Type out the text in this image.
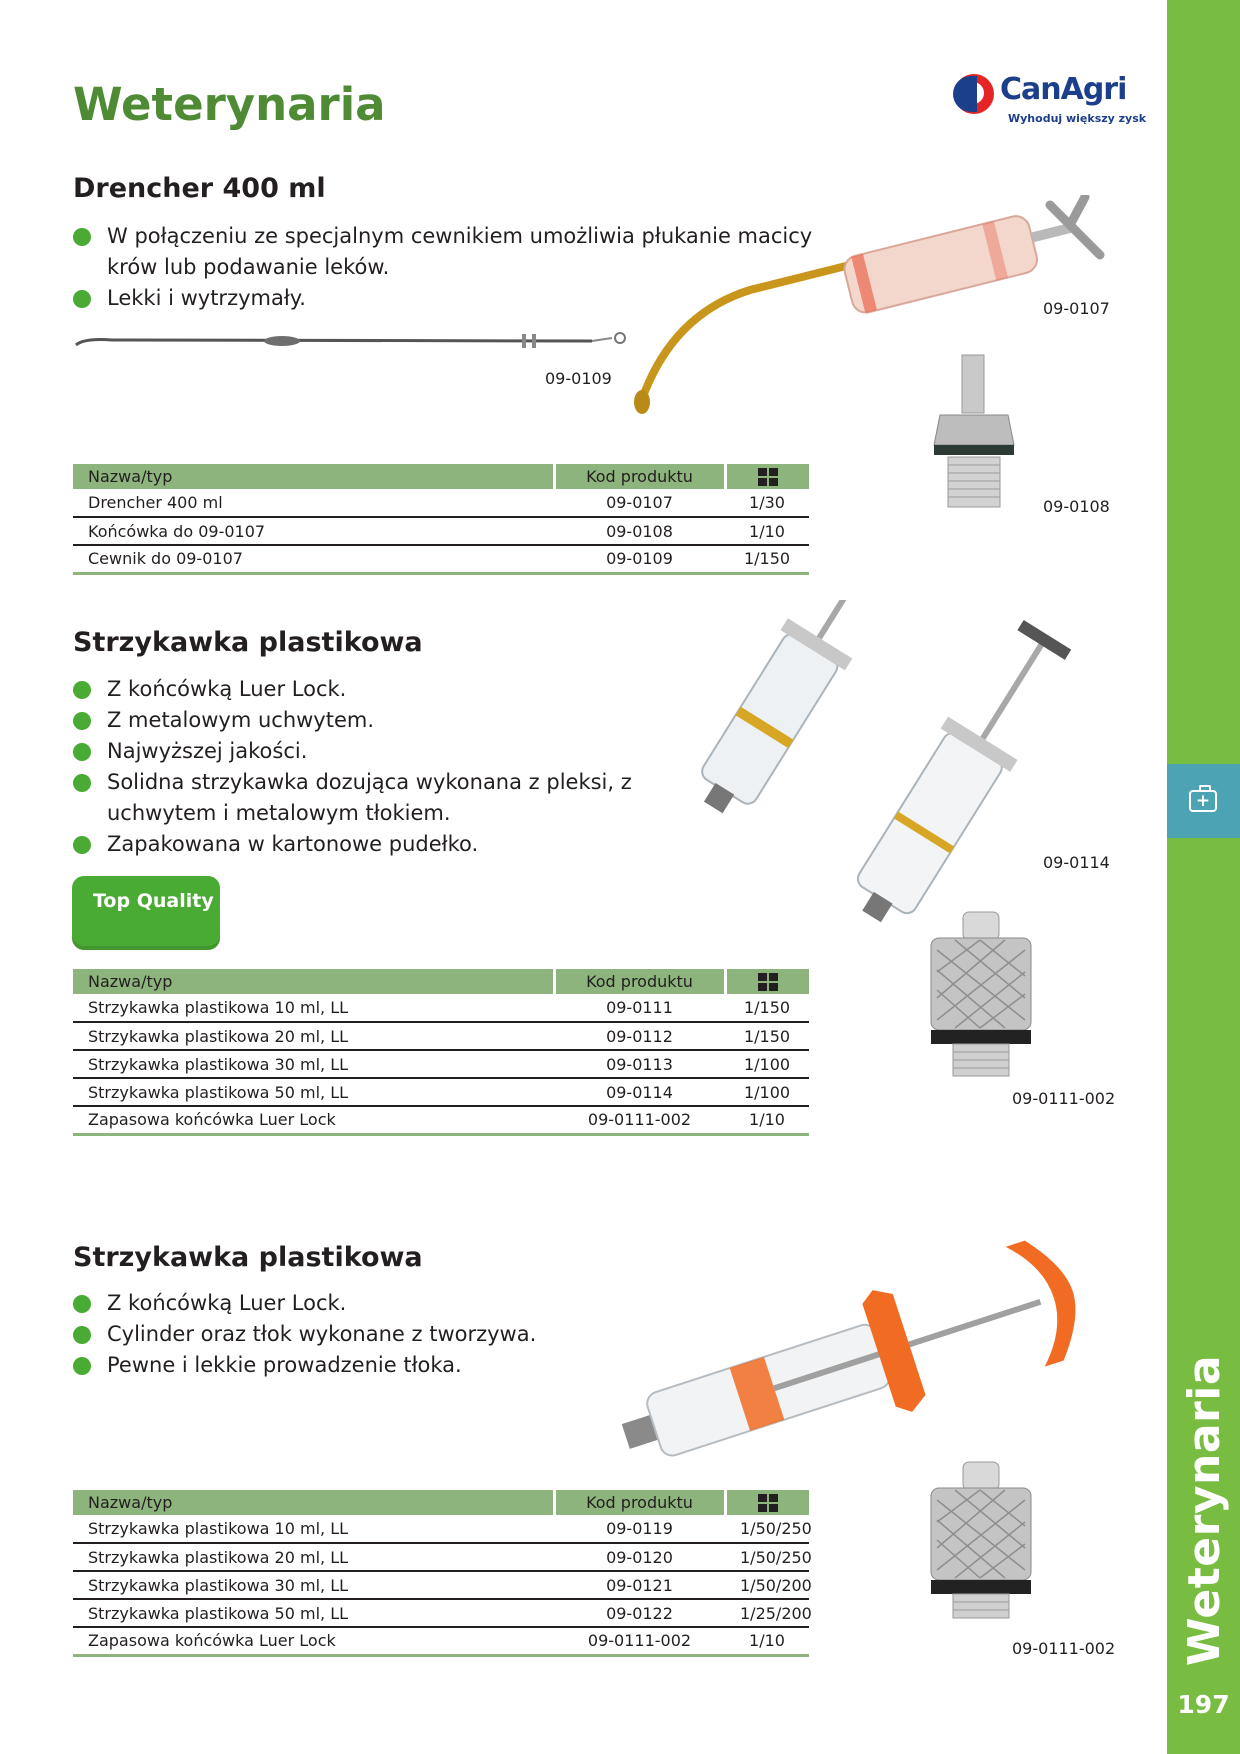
+
Weterynaria
197
Weterynaria	CanAgri
Wyhoduj większy zysk
Drencher 400 ml
W połączeniu ze specjalnym cewnikiem umożliwia płukanie macicy krów lub podawanie leków.
Lekki i wytrzymały.
09-0109
09-0107
09-0108
Nazwa/typ	Kod produktu	

Drencher 400 ml	09-0107	1/30
Końcówka do 09-0107	09-0108	1/10
Cewnik do 09-0107	09-0109	1/150
Strzykawka plastikowa
Z końcówką Luer Lock.
Z metalowym uchwytem.
Najwyższej jakości.
Solidna strzykawka dozująca wykonana z pleksi, z uchwytem i metalowym tłokiem.
Zapakowana w kartonowe pudełko.
Top Quality
09-0114
09-0111-002
Nazwa/typ	Kod produktu	

Strzykawka plastikowa 10 ml, LL	09-0111	1/150
Strzykawka plastikowa 20 ml, LL	09-0112	1/150
Strzykawka plastikowa 30 ml, LL	09-0113	1/100
Strzykawka plastikowa 50 ml, LL	09-0114	1/100
Zapasowa końcówka Luer Lock	09-0111-002	1/10
Strzykawka plastikowa
Z końcówką Luer Lock.
Cylinder oraz tłok wykonane z tworzywa.
Pewne i lekkie prowadzenie tłoka.
09-0111-002
Nazwa/typ	Kod produktu	

Strzykawka plastikowa 10 ml, LL	09-0119	1/50/250
Strzykawka plastikowa 20 ml, LL	09-0120	1/50/250
Strzykawka plastikowa 30 ml, LL	09-0121	1/50/200
Strzykawka plastikowa 50 ml, LL	09-0122	1/25/200
Zapasowa końcówka Luer Lock	09-0111-002	1/10
